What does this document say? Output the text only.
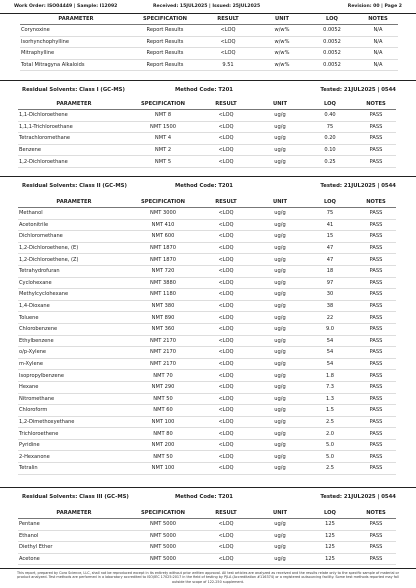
Work Order: ISO04449 | Sample: I12092	Received: 15JUL2025 | Issued: 25JUL2025	Revision: 00 | Page 2
PARAMETER	SPECIFICATION	RESULT	UNIT	LOQ	NOTES
Corynoxine	Report Results	<LOQ	w/w%	0.0052	N/A
Isorhynchophylline	Report Results	<LOQ	w/w%	0.0052	N/A
Mitraphylline	Report Results	<LOQ	w/w%	0.0052	N/A
Total Mitragyna Alkaloids	Report Results	9.51	w/w%	0.0052	N/A
Residual Solvents: Class I (GC-MS)	Method Code: T201	Tested: 21JUL2025 | 0544
PARAMETER	SPECIFICATION	RESULT	UNIT	LOQ	NOTES
1,1-Dichloroethene	NMT 8	<LOQ	ug/g	0.40	PASS
1,1,1-Trichloroethane	NMT 1500	<LOQ	ug/g	75	PASS
Tetrachloromethane	NMT 4	<LOQ	ug/g	0.20	PASS
Benzene	NMT 2	<LOQ	ug/g	0.10	PASS
1,2-Dichloroethane	NMT 5	<LOQ	ug/g	0.25	PASS
Residual Solvents: Class II (GC-MS)	Method Code: T201	Tested: 21JUL2025 | 0544
PARAMETER	SPECIFICATION	RESULT	UNIT	LOQ	NOTES
Methanol	NMT 3000	<LOQ	ug/g	75	PASS
Acetonitrile	NMT 410	<LOQ	ug/g	41	PASS
Dichloromethane	NMT 600	<LOQ	ug/g	15	PASS
1,2-Dichloroethene, (E)	NMT 1870	<LOQ	ug/g	47	PASS
1,2-Dichloroethene, (Z)	NMT 1870	<LOQ	ug/g	47	PASS
Tetrahydrofuran	NMT 720	<LOQ	ug/g	18	PASS
Cyclohexane	NMT 3880	<LOQ	ug/g	97	PASS
Methylcyclohexane	NMT 1180	<LOQ	ug/g	30	PASS
1,4-Dioxane	NMT 380	<LOQ	ug/g	38	PASS
Toluene	NMT 890	<LOQ	ug/g	22	PASS
Chlorobenzene	NMT 360	<LOQ	ug/g	9.0	PASS
Ethylbenzene	NMT 2170	<LOQ	ug/g	54	PASS
o/p-Xylene	NMT 2170	<LOQ	ug/g	54	PASS
m-Xylene	NMT 2170	<LOQ	ug/g	54	PASS
Isopropylbenzene	NMT 70	<LOQ	ug/g	1.8	PASS
Hexane	NMT 290	<LOQ	ug/g	7.3	PASS
Nitromethane	NMT 50	<LOQ	ug/g	1.3	PASS
Chloroform	NMT 60	<LOQ	ug/g	1.5	PASS
1,2-Dimethoxyethane	NMT 100	<LOQ	ug/g	2.5	PASS
Trichloroethene	NMT 80	<LOQ	ug/g	2.0	PASS
Pyridine	NMT 200	<LOQ	ug/g	5.0	PASS
2-Hexanone	NMT 50	<LOQ	ug/g	5.0	PASS
Tetralin	NMT 100	<LOQ	ug/g	2.5	PASS
Residual Solvents: Class III (GC-MS)	Method Code: T201	Tested: 21JUL2025 | 0544
PARAMETER	SPECIFICATION	RESULT	UNIT	LOQ	NOTES
Pentane	NMT 5000	<LOQ	ug/g	125	PASS
Ethanol	NMT 5000	<LOQ	ug/g	125	PASS
Diethyl Ether	NMT 5000	<LOQ	ug/g	125	PASS
Acetone	NMT 5000	<LOQ	ug/g	125	PASS
This report, prepared by Cora Science, LLC, shall not be reproduced except in its entirety without prior written approval. All test articles are analyzed as received and the results relate only to the specific sample of material or product analyzed. Test methods are performed in a laboratory accredited to ISO/IEC 17025:2017 in the field of testing by PJLA (Accreditation #116374) or a registered outsourcing facility. Some test methods reported may fall outside the scope of 122-250 supplement.
